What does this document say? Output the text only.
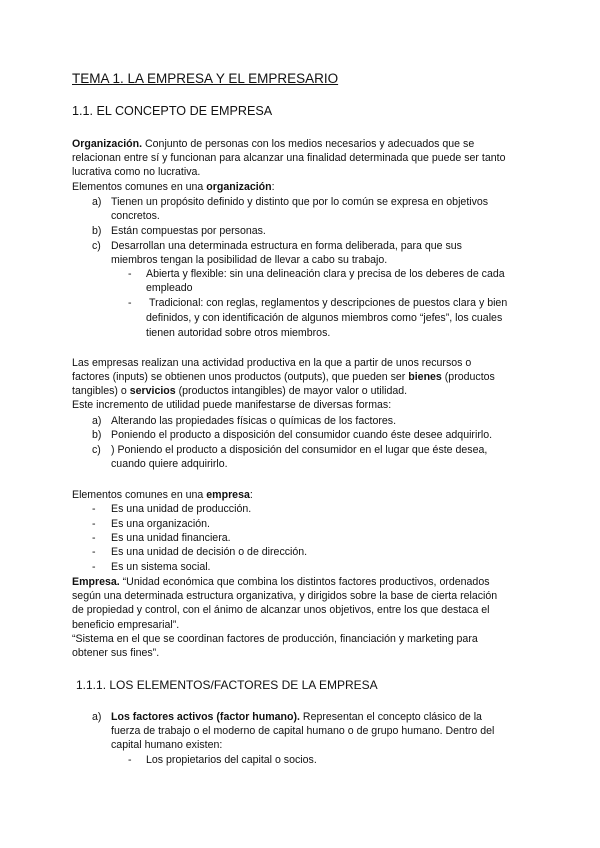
TEMA 1. LA EMPRESA Y EL EMPRESARIO
1.1. EL CONCEPTO DE EMPRESA
Organización. Conjunto de personas con los medios necesarios y adecuados que se
relacionan entre sí y funcionan para alcanzar una finalidad determinada que puede ser tanto
lucrativa como no lucrativa.
Elementos comunes en una organización:
a) Tienen un propósito definido y distinto que por lo común se expresa en objetivos
concretos.
b) Están compuestas por personas.
c) Desarrollan una determinada estructura en forma deliberada, para que sus
miembros tengan la posibilidad de llevar a cabo su trabajo.
- Abierta y flexible: sin una delineación clara y precisa de los deberes de cada
empleado
- Tradicional: con reglas, reglamentos y descripciones de puestos clara y bien
definidos, y con identificación de algunos miembros como “jefes”, los cuales
tienen autoridad sobre otros miembros.
Las empresas realizan una actividad productiva en la que a partir de unos recursos o
factores (inputs) se obtienen unos productos (outputs), que pueden ser bienes (productos
tangibles) o servicios (productos intangibles) de mayor valor o utilidad.
Este incremento de utilidad puede manifestarse de diversas formas:
a) Alterando las propiedades físicas o químicas de los factores.
b) Poniendo el producto a disposición del consumidor cuando éste desee adquirirlo.
c) ) Poniendo el producto a disposición del consumidor en el lugar que éste desea,
cuando quiere adquirirlo.
Elementos comunes en una empresa:
- Es una unidad de producción.
- Es una organización.
- Es una unidad financiera.
- Es una unidad de decisión o de dirección.
- Es un sistema social.
Empresa. “Unidad económica que combina los distintos factores productivos, ordenados
según una determinada estructura organizativa, y dirigidos sobre la base de cierta relación
de propiedad y control, con el ánimo de alcanzar unos objetivos, entre los que destaca el
beneficio empresarial”.
“Sistema en el que se coordinan factores de producción, financiación y marketing para
obtener sus fines”.
1.1.1. LOS ELEMENTOS/FACTORES DE LA EMPRESA
a) Los factores activos (factor humano). Representan el concepto clásico de la
fuerza de trabajo o el moderno de capital humano o de grupo humano. Dentro del
capital humano existen:
- Los propietarios del capital o socios.
